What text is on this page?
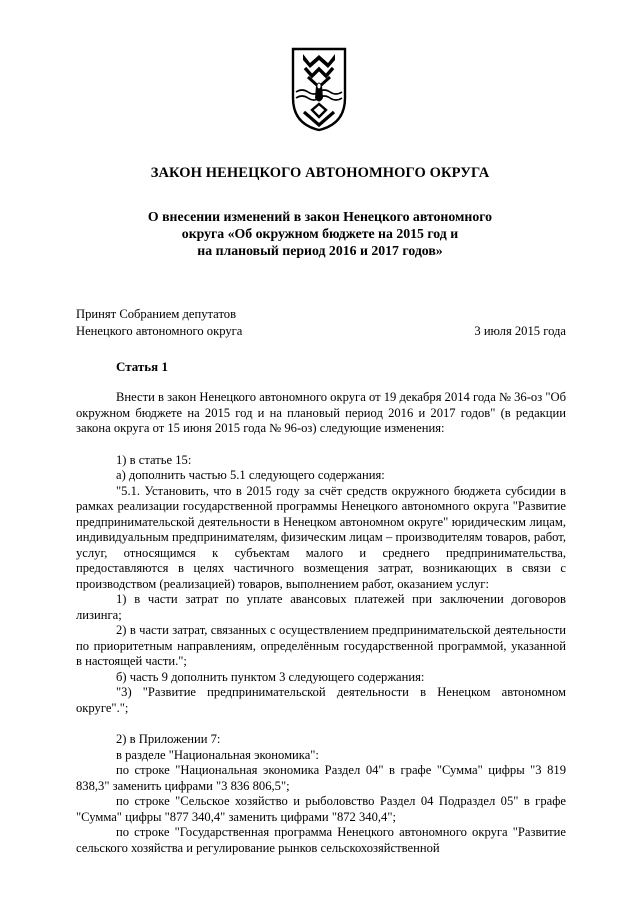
ЗАКОН НЕНЕЦКОГО АВТОНОМНОГО ОКРУГА

О внесении изменений в закон Ненецкого автономного
округа «Об окружном бюджете на 2015 год и
на плановый период 2016 и 2017 годов»
Принят Собранием депутатов
Ненецкого автономного округа	3 июля 2015 года
Статья 1

Внести в закон Ненецкого автономного округа от 19 декабря 2014 года № 36-оз "Об окружном бюджете на 2015 год и на плановый период 2016 и 2017 годов" (в редакции закона округа от 15 июня 2015 года № 96-оз) следующие изменения:

1) в статье 15:

а) дополнить частью 5.1 следующего содержания:

"5.1. Установить, что в 2015 году за счёт средств окружного бюджета субсидии в рамках реализации государственной программы Ненецкого автономного округа "Развитие предпринимательской деятельности в Ненецком автономном округе" юридическим лицам, индивидуальным предпринимателям, физическим лицам – производителям товаров, работ, услуг, относящимся к субъектам малого и среднего предпринимательства, предоставляются в целях частичного возмещения затрат, возникающих в связи с производством (реализацией) товаров, выполнением работ, оказанием услуг:

1) в части затрат по уплате авансовых платежей при заключении договоров лизинга;

2) в части затрат, связанных с осуществлением предпринимательской деятельности по приоритетным направлениям, определённым государственной программой, указанной в настоящей части.";

б) часть 9 дополнить пунктом 3 следующего содержания:

"3) "Развитие предпринимательской деятельности в Ненецком автономном округе".";

2) в Приложении 7:

в разделе "Национальная экономика":

по строке "Национальная экономика Раздел 04" в графе "Сумма" цифры "3 819 838,3" заменить цифрами "3 836 806,5";

по строке "Сельское хозяйство и рыболовство Раздел 04 Подраздел 05" в графе "Сумма" цифры "877 340,4" заменить цифрами "872 340,4";

по строке "Государственная программа Ненецкого автономного округа "Развитие сельского хозяйства и регулирование рынков сельскохозяйственной
